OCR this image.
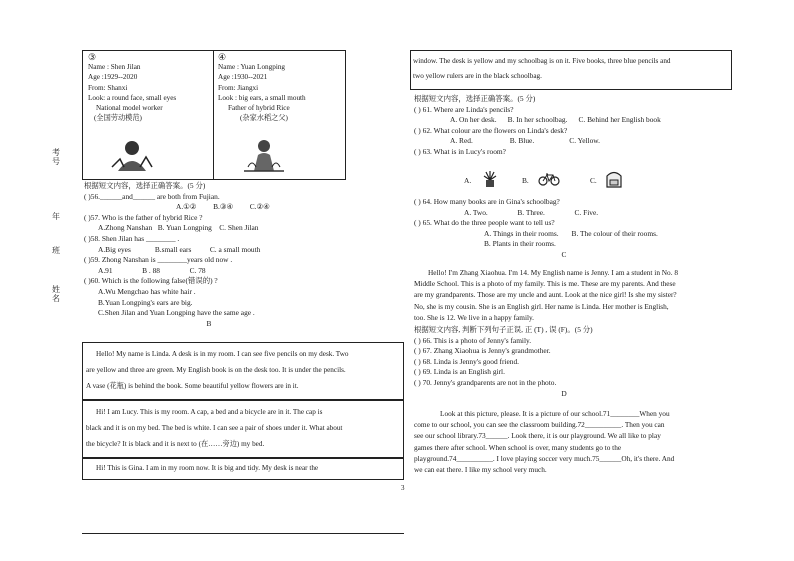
考号
年
班
姓名
③
Name : Shen Jilan
Age :1929--2020
From: Shanxi
Look: a round face, small eyes
National model worker
(全国劳动模范)
④
Name : Yuan Longping
Age :1930--2021
From: Jiangxi
Look : big ears, a small mouth
Father of hybrid Rice
(杂家水稻之父)
根据短文内容，选择正确答案。(5 分)
( )56.______and______ are both from Fujian.
A.①②         B.③④         C.②④
( )57. Who is the father of hybrid Rice ?
A.Zhong Nanshan   B. Yuan Longping    C. Shen Jilan
( )58. Shen Jilan has ________ .
A.Big eyes             B.small ears          C. a small mouth
( )59. Zhong Nanshan is ________years old now .
A.91                B . 88                C. 78
( )60. Which is the following false(错误的) ?
A.Wu Mengchao has white hair .
B.Yuan Longping's ears are big.
C.Shen Jilan and Yuan Longping have the same age .
B
Hello! My name is Linda. A desk is in my room. I can see five pencils on my desk. Two
are yellow and three are green. My English book is on the desk too. It is under the pencils.
A vase (花瓶) is behind the book. Some beautiful yellow flowers are in it.
Hi! I am Lucy. This is my room. A cap, a bed and a bicycle are in it. The cap is
black and it is on my bed. The bed is white. I can see a pair of shoes under it. What about
the bicycle? It is black and it is next to (在……旁边) my bed.
Hi! This is Gina. I am in my room now. It is big and tidy. My desk is near the
3
window. The desk is yellow and my schoolbag is on it. Five books, three blue pencils and
two yellow rulers are in the black schoolbag.
根据短文内容，选择正确答案。(5 分)
( ) 61. Where are Linda's pencils?
A. On her desk.      B. In her schoolbag.      C. Behind her English book
( ) 62. What colour are the flowers on Linda's desk?
A. Red.                    B. Blue.                   C. Yellow.
( ) 63. What is in Lucy's room?
A.	B.	C.
( ) 64. How many books are in Gina's schoolbag?
A. Two.                B. Three.                C. Five.
( ) 65. What do the three people want to tell us?
A. Things in their rooms.       B. The colour of their rooms.
B. Plants in their rooms.
C
Hello! I'm Zhang Xiaohua. I'm 14. My English name is Jenny. I am a student in No. 8
Middle School. This is a photo of my family. This is me. These are my parents. And these
are my grandparents. Those are my uncle and aunt. Look at the nice girl! Is she my sister?
No, she is my cousin. She is an English girl. Her name is Linda. Her mother is English,
too. She is 12. We live in a happy family.
根据短文内容, 判断下列句子正误, 正 (T) , 误 (F)。(5 分)
( ) 66. This is a photo of Jenny's family.
( ) 67. Zhang Xiaohua is Jenny's grandmother.
( ) 68. Linda is Jenny's good friend.
( ) 69. Linda is an English girl.
( ) 70. Jenny's grandparents are not in the photo.
D
Look at this picture, please. It is a picture of our school.71________When you
come to our school, you can see the classroom building.72__________. Then you can
see our school library.73______. Look there, it is our playground. We all like to play
games there after school. When school is over, many students go to the
playground.74__________. I love playing soccer very much.75______Oh, it's there. And
we can eat there. I like my school very much.
